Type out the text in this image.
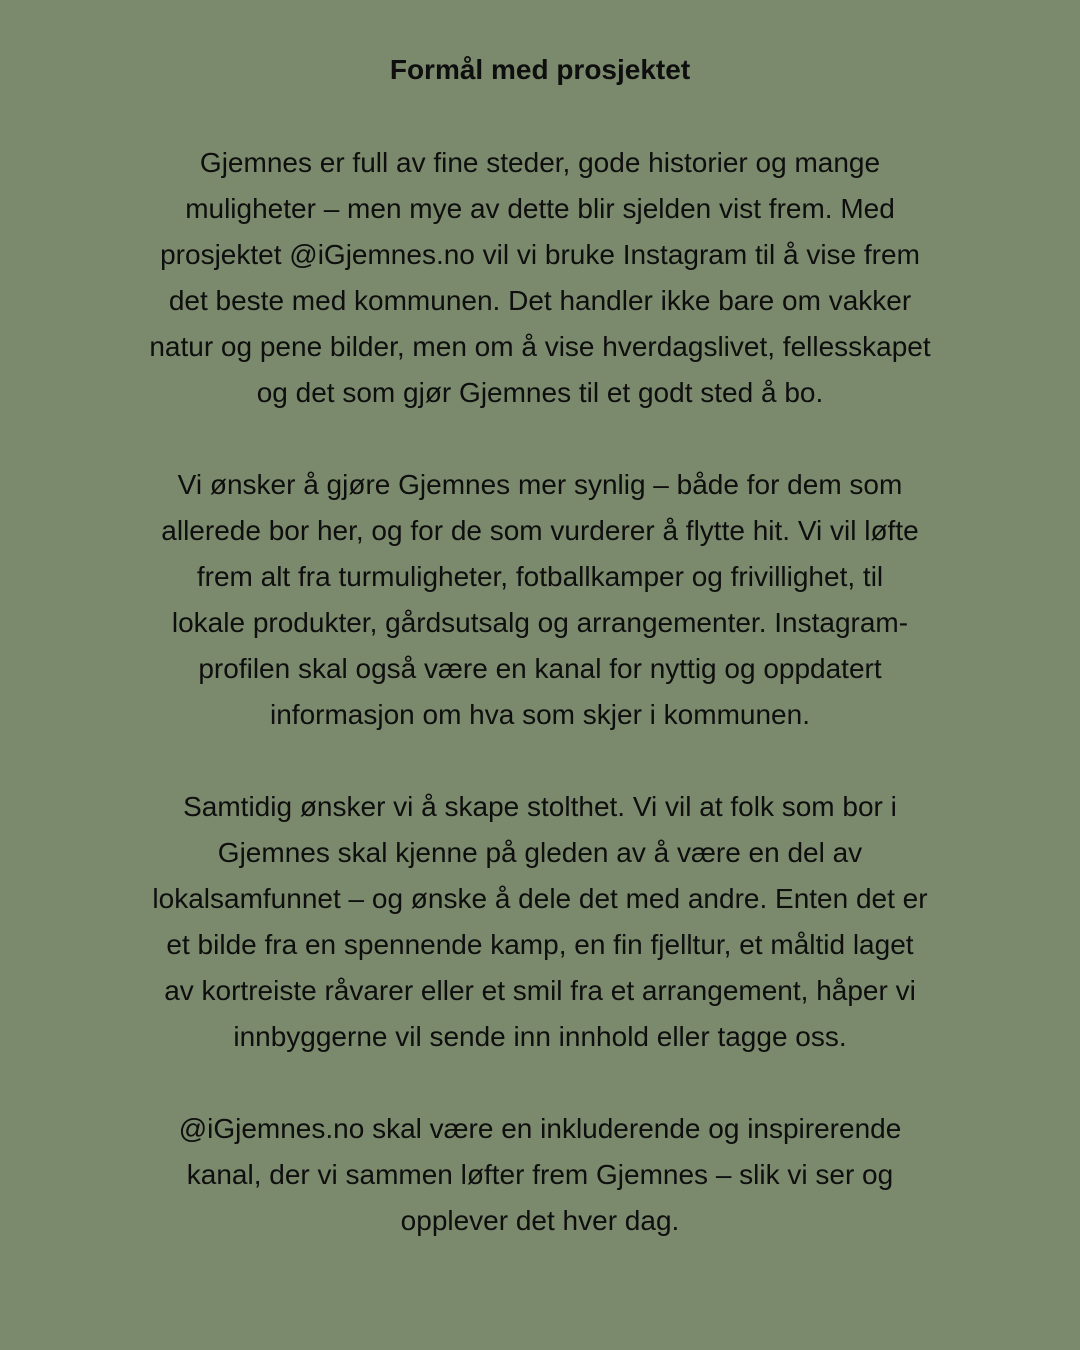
Formål med prosjektet

Gjemnes er full av fine steder, gode historier og mange
muligheter – men mye av dette blir sjelden vist frem. Med
prosjektet @iGjemnes.no vil vi bruke Instagram til å vise frem
det beste med kommunen. Det handler ikke bare om vakker
natur og pene bilder, men om å vise hverdagslivet, fellesskapet
og det som gjør Gjemnes til et godt sted å bo.

Vi ønsker å gjøre Gjemnes mer synlig – både for dem som
allerede bor her, og for de som vurderer å flytte hit. Vi vil løfte
frem alt fra turmuligheter, fotballkamper og frivillighet, til
lokale produkter, gårdsutsalg og arrangementer. Instagram-
profilen skal også være en kanal for nyttig og oppdatert
informasjon om hva som skjer i kommunen.

Samtidig ønsker vi å skape stolthet. Vi vil at folk som bor i
Gjemnes skal kjenne på gleden av å være en del av
lokalsamfunnet – og ønske å dele det med andre. Enten det er
et bilde fra en spennende kamp, en fin fjelltur, et måltid laget
av kortreiste råvarer eller et smil fra et arrangement, håper vi
innbyggerne vil sende inn innhold eller tagge oss.

@iGjemnes.no skal være en inkluderende og inspirerende
kanal, der vi sammen løfter frem Gjemnes – slik vi ser og
opplever det hver dag.
